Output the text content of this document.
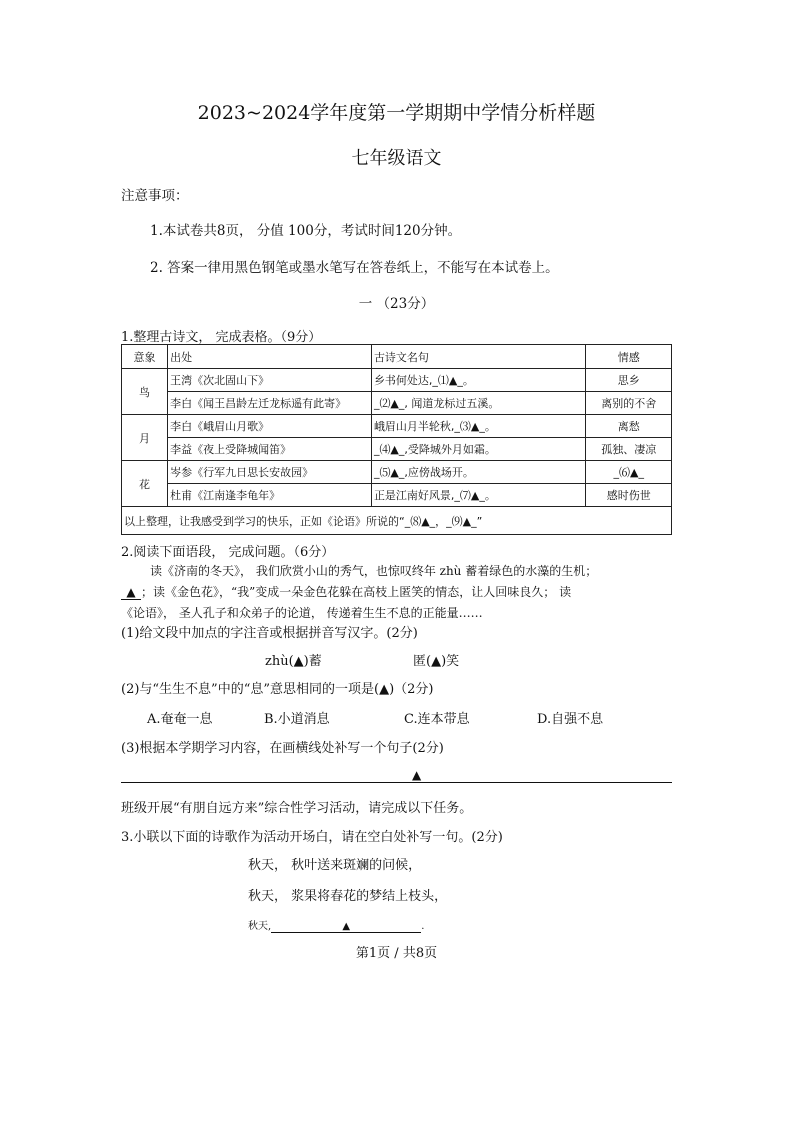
2023~2024学年度第一学期期中学情分析样题
七年级语文
注意事项：
1.本试卷共8页， 分值 100分，考试时间120分钟。
2. 答案一律用黑色钢笔或墨水笔写在答卷纸上，不能写在本试卷上。
一 （23分）
1.整理古诗文， 完成表格。（9分）
意象	出处	古诗文名句	情感
鸟	王湾《次北固山下》	乡书何处达,_⑴▲_。	思乡
	李白《闻王昌龄左迁龙标遥有此寄》	_⑵▲_, 闻道龙标过五溪。	离别的不舍
月	李白《峨眉山月歌》	峨眉山月半轮秋,_⑶▲_。	离愁
	李益《夜上受降城闻笛》	_⑷▲_,受降城外月如霜。	孤独、凄凉
花	岑参《行军九日思长安故园》	_⑸▲_,应傍战场开。	_⑹▲_
	杜甫《江南逢李龟年》	正是江南好风景,_⑺▲_。	感时伤世
以上整理，让我感受到学习的快乐，正如《论语》所说的“_⑻▲_，_⑼▲_”			
2.阅读下面语段， 完成问题。（6分）
读《济南的冬天》， 我们欣赏小山的秀气，也惊叹终年 zhù 蓄着绿色的水藻的生机；
▲ ；读《金色花》，“我”变成一朵金色花躲在高枝上匿笑的情态，让人回味良久； 读
《论语》， 圣人孔子和众弟子的论道， 传递着生生不息的正能量……
(1)给文段中加点的字注音或根据拼音写汉字。(2分)
zhù(▲)蓄	匿(▲)笑
(2)与“生生不息”中的“息”意思相同的一项是(▲)（2分)
A.奄奄一息	B.小道消息	C.连本带息	D.自强不息
(3)根据本学期学习内容，在画横线处补写一个句子(2分)
▲
班级开展“有朋自远方来”综合性学习活动，请完成以下任务。
3.小联以下面的诗歌作为活动开场白，请在空白处补写一句。(2分)
秋天， 秋叶送来斑斓的问候，
秋天， 浆果将春花的梦结上枝头，
秋天,	▲	.
第1页 / 共8页
